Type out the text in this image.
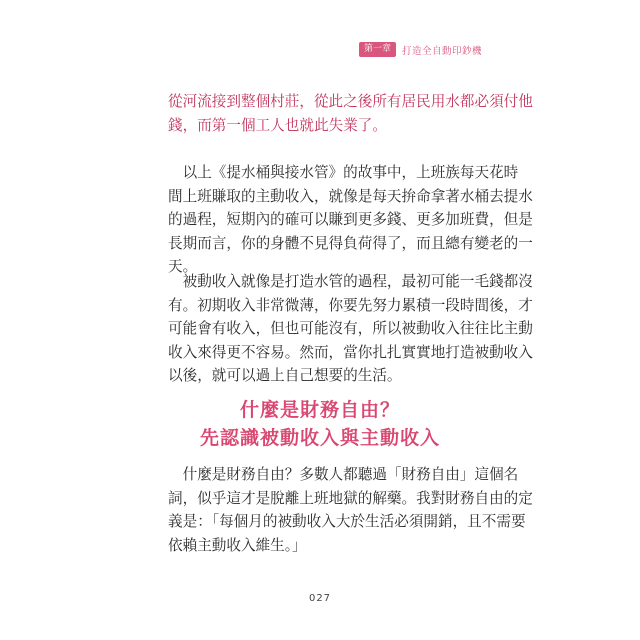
第一章	打造全自動印鈔機
從河流接到整個村莊，從此之後所有居民用水都必須付他
錢，而第一個工人也就此失業了。
以上《提水桶與接水管》的故事中，上班族每天花時
間上班賺取的主動收入，就像是每天拚命拿著水桶去提水
的過程，短期內的確可以賺到更多錢、更多加班費，但是
長期而言，你的身體不見得負荷得了，而且總有變老的一
天。
被動收入就像是打造水管的過程，最初可能一毛錢都沒
有。初期收入非常微薄，你要先努力累積一段時間後，才
可能會有收入，但也可能沒有，所以被動收入往往比主動
收入來得更不容易。然而，當你扎扎實實地打造被動收入
以後，就可以過上自己想要的生活。
什麼是財務自由？
先認識被動收入與主動收入
什麼是財務自由？多數人都聽過「財務自由」這個名
詞，似乎這才是脫離上班地獄的解藥。我對財務自由的定
義是：「每個月的被動收入大於生活必須開銷，且不需要
依賴主動收入維生。」
027
